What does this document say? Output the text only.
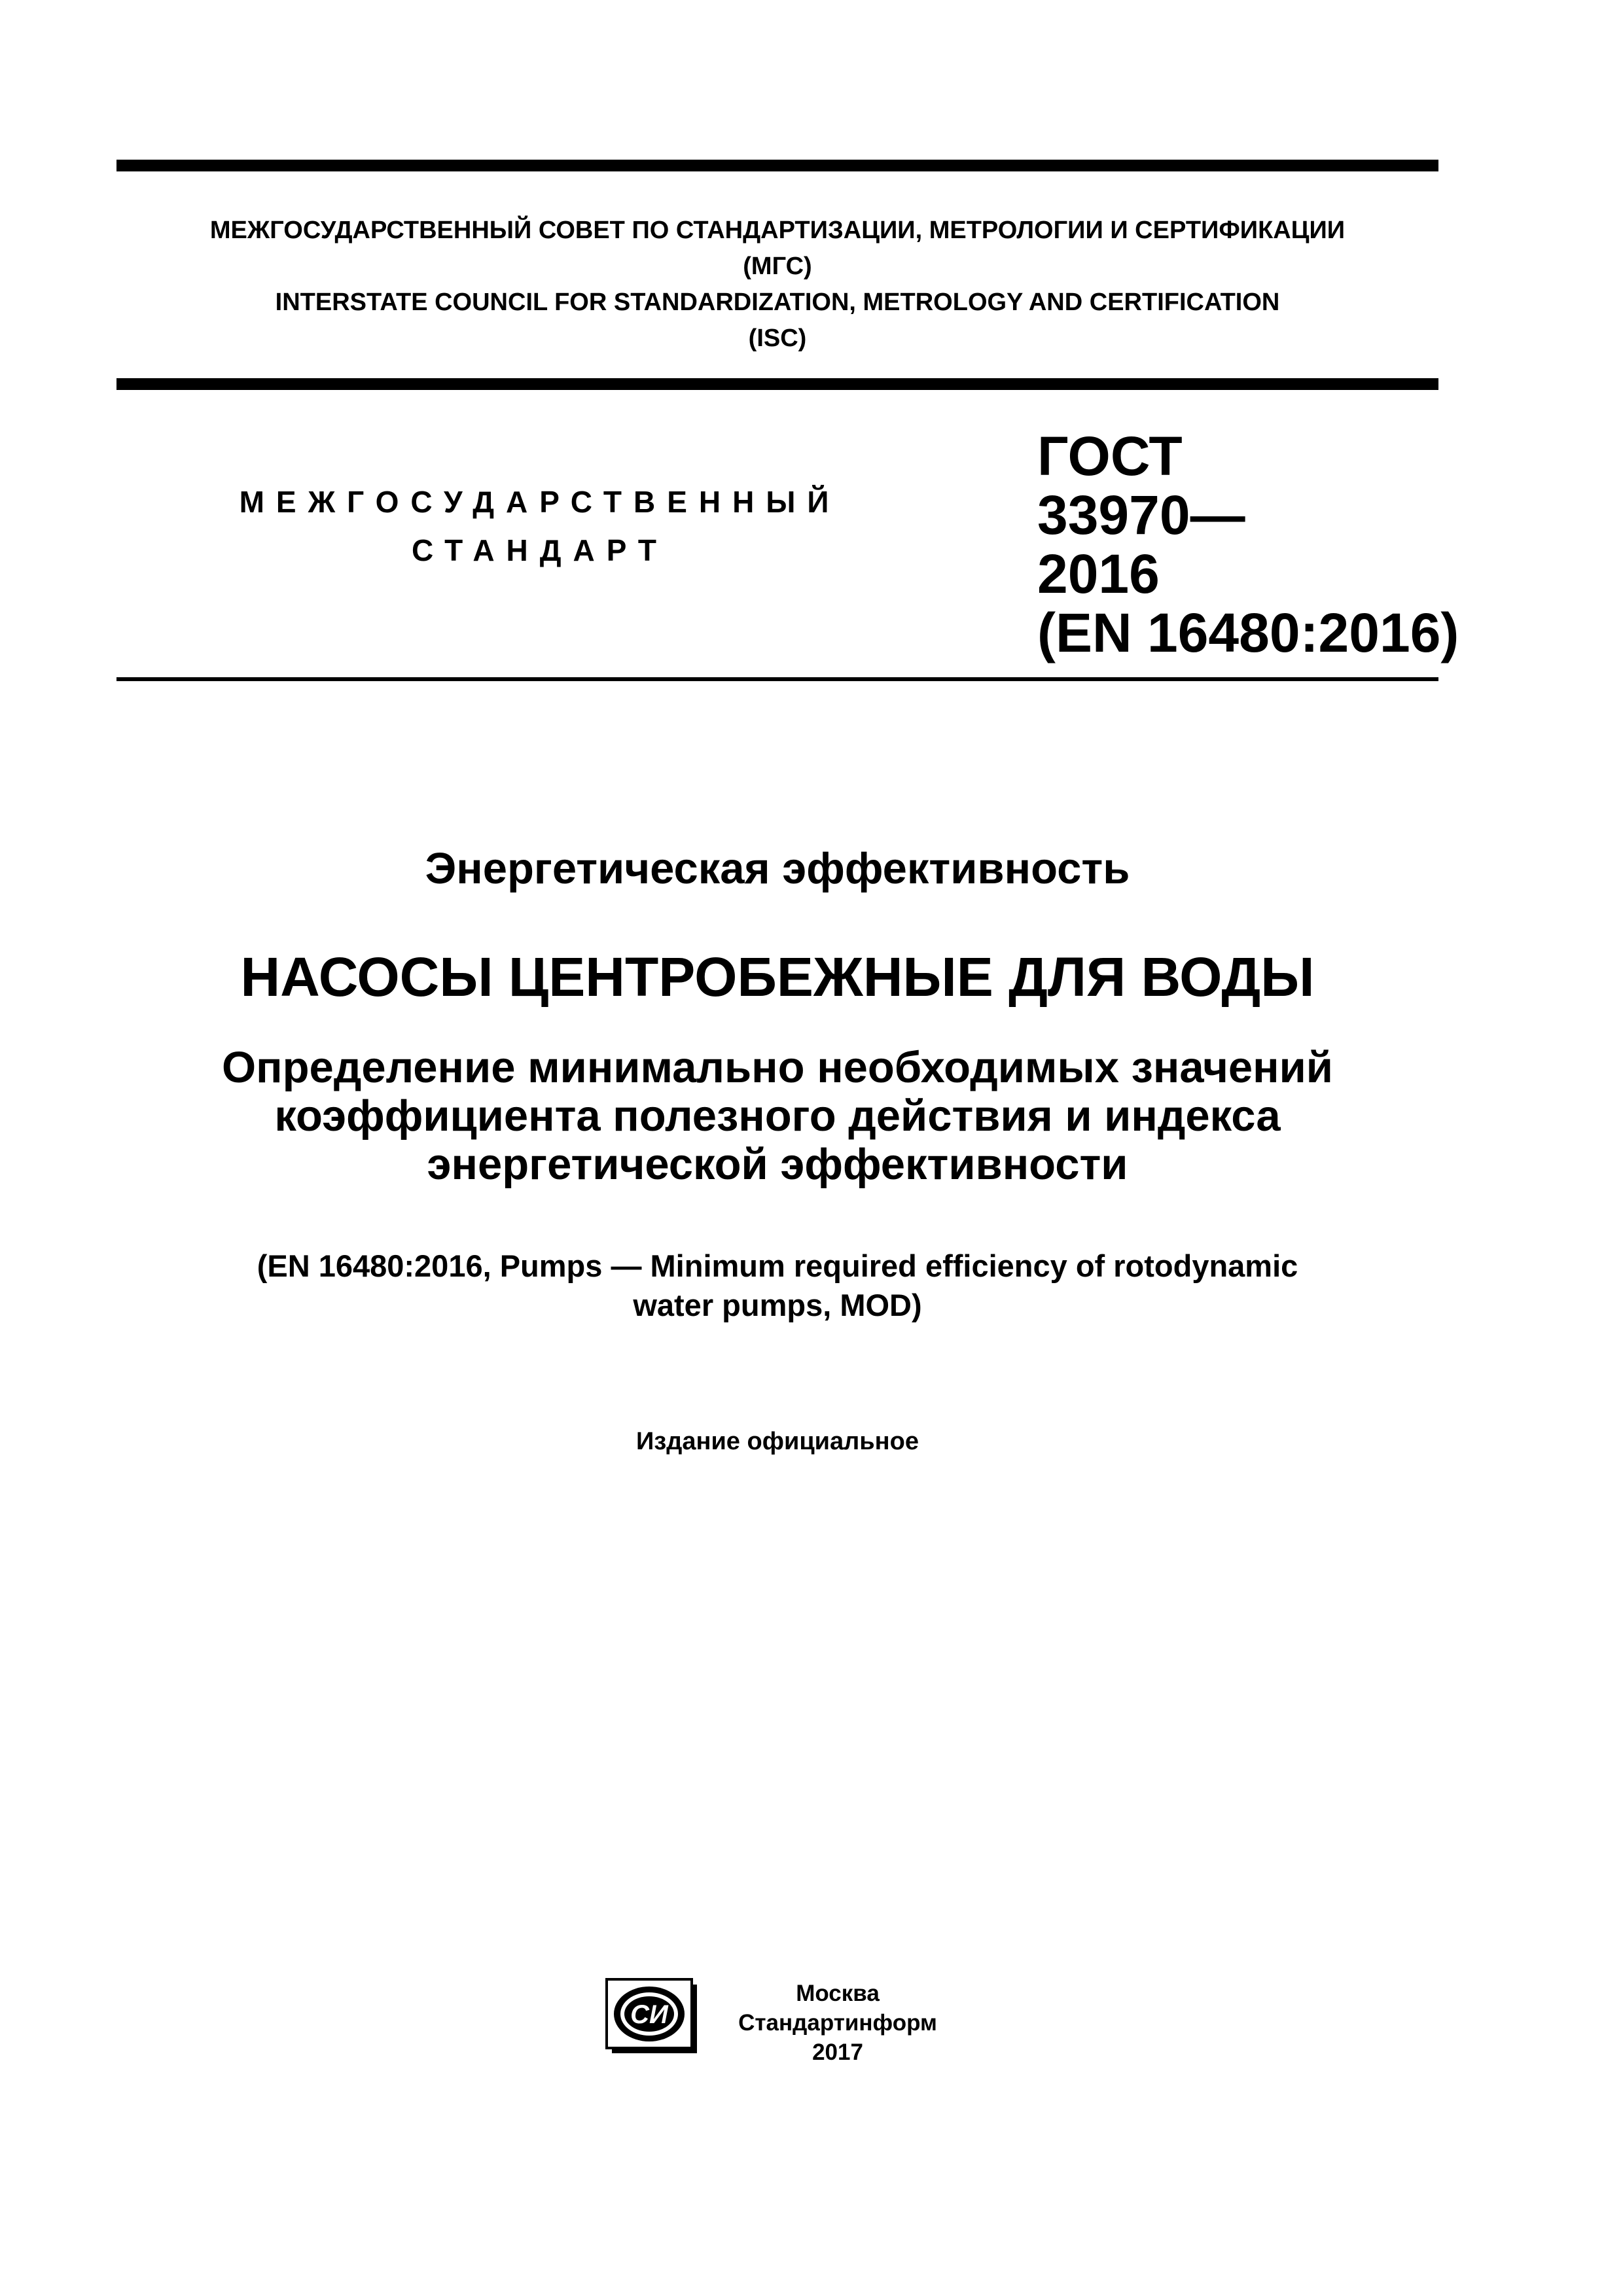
МЕЖГОСУДАРСТВЕННЫЙ СОВЕТ ПО СТАНДАРТИЗАЦИИ, МЕТРОЛОГИИ И СЕРТИФИКАЦИИ
(МГС)
INTERSTATE COUNCIL FOR STANDARDIZATION, METROLOGY AND CERTIFICATION
(ISC)
МЕЖГОСУДАРСТВЕННЫЙ
СТАНДАРТ
ГОСТ
33970—
2016
(EN 16480:2016)
Энергетическая эффективность
НАСОСЫ ЦЕНТРОБЕЖНЫЕ ДЛЯ ВОДЫ
Определение минимально необходимых значений
коэффициента полезного действия и индекса
энергетической эффективности
(EN 16480:2016, Pumps — Minimum required efficiency of rotodynamic
water pumps, MOD)
Издание официальное
СИ
Москва
Стандартинформ
2017
